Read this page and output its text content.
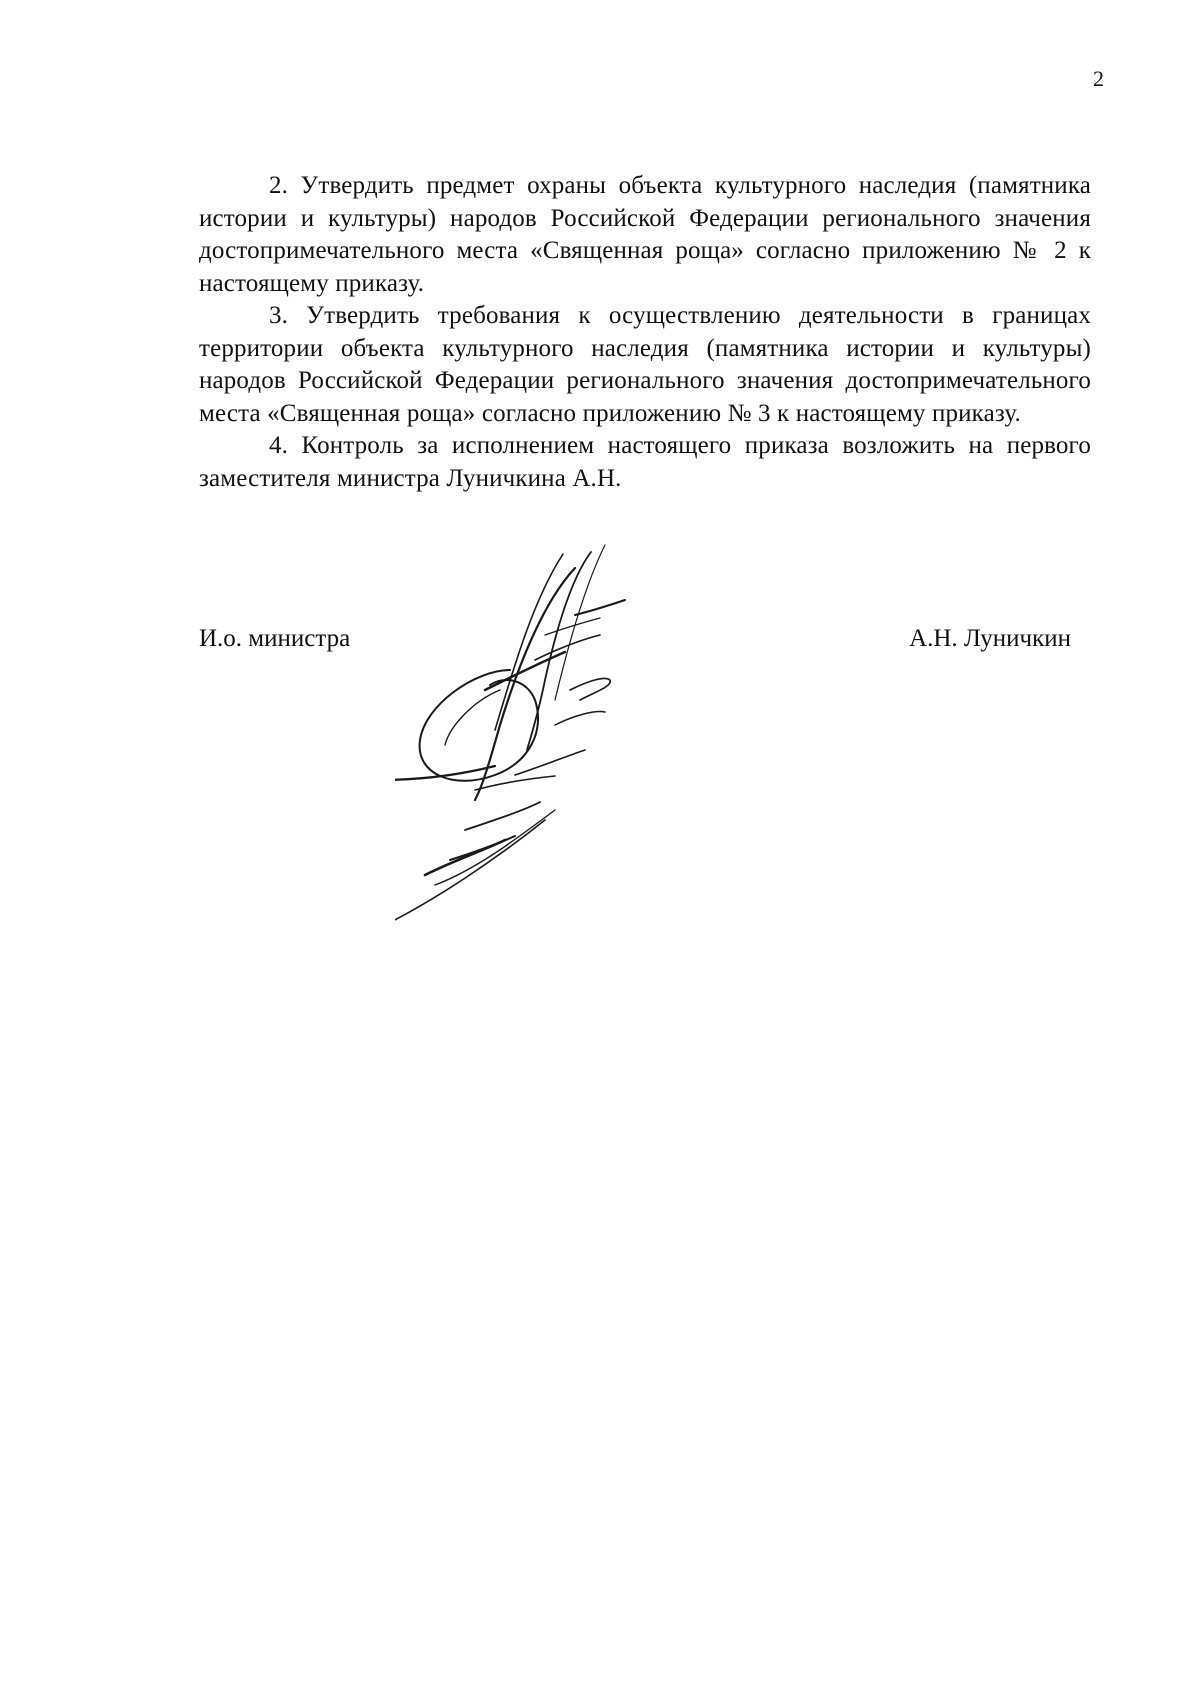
2

2. Утвердить предмет охраны объекта культурного наследия (памятника истории и культуры) народов Российской Федерации регионального значения достопримечательного места «Священная роща» согласно приложению № 2 к настоящему приказу.

3. Утвердить требования к осуществлению деятельности в границах территории объекта культурного наследия (памятника истории и культуры) народов Российской Федерации регионального значения достопримечательного места «Священная роща» согласно приложению № 3 к настоящему приказу.

4. Контроль за исполнением настоящего приказа возложить на первого заместителя министра Луничкина А.Н.

И.о. министра	А.Н. Луничкин
